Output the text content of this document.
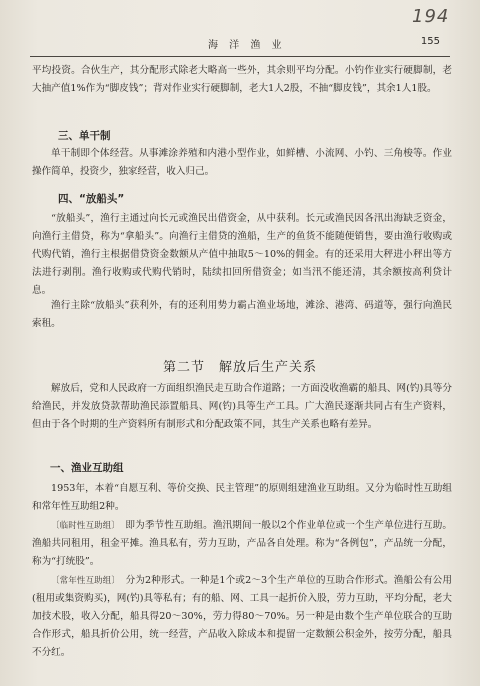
194
海 洋 渔 业	155

平均投资。合伙生产，其分配形式除老大略高一些外，其余则平均分配。小钓作业实行硬脚制，老大抽产值1%作为“脚皮钱”；背对作业实行硬脚制，老大1人2股，不抽“脚皮钱”，其余1人1股。

三、单干制

单干制即个体经营。从事滩涂养殖和内港小型作业，如鲜槽、小流网、小钓、三角梭等。作业操作简单，投资少，独家经营，收入归己。

四、“放船头”

“放船头”，渔行主通过向长元或渔民出借资金，从中获利。长元或渔民因各汛出海缺乏资金，向渔行主借贷，称为“拿船头”。向渔行主借贷的渔船，生产的鱼货不能随便销售，要由渔行收购或代购代销，渔行主根据借贷资金数额从产值中抽取5～10%的佣金。有的还采用大秤进小秤出等方法进行剥削。渔行收购或代购代销时，陆续扣回所借资金；如当汛不能还清，其余额按高利贷计息。

渔行主除“放船头”获利外，有的还利用势力霸占渔业场地，滩涂、港湾、码道等，强行向渔民索租。

第二节　解放后生产关系

解放后，党和人民政府一方面组织渔民走互助合作道路；一方面没收渔霸的船具、网(钓)具等分给渔民，并发放贷款帮助渔民添置船具、网(钓)具等生产工具。广大渔民逐渐共同占有生产资料，但由于各个时期的生产资料所有制形式和分配政策不同，其生产关系也略有差异。

一、渔业互助组

1953年，本着“自愿互利、等价交换、民主管理”的原则组建渔业互助组。又分为临时性互助组和常年性互助组2种。

〔临时性互助组〕　 即为季节性互助组。渔汛期间一般以2个作业单位或一个生产单位进行互助。渔船共同租用，租金平摊。渔具私有，劳力互助，产品各自处理。称为“各例包”，产品统一分配，称为“打统股”。

〔常年性互助组〕　 分为2种形式。一种是1个或2～3个生产单位的互助合作形式。渔船公有公用(租用或集资购买)，网(钓)具等私有；有的船、网、工具一起折价入股，劳力互助，平均分配，老大加技术股，收入分配，船具得20～30%，劳力得80～70%。另一种是由数个生产单位联合的互助合作形式，船具折价公用，统一经营，产品收入除成本和提留一定数额公积金外，按劳分配，船具不分红。
